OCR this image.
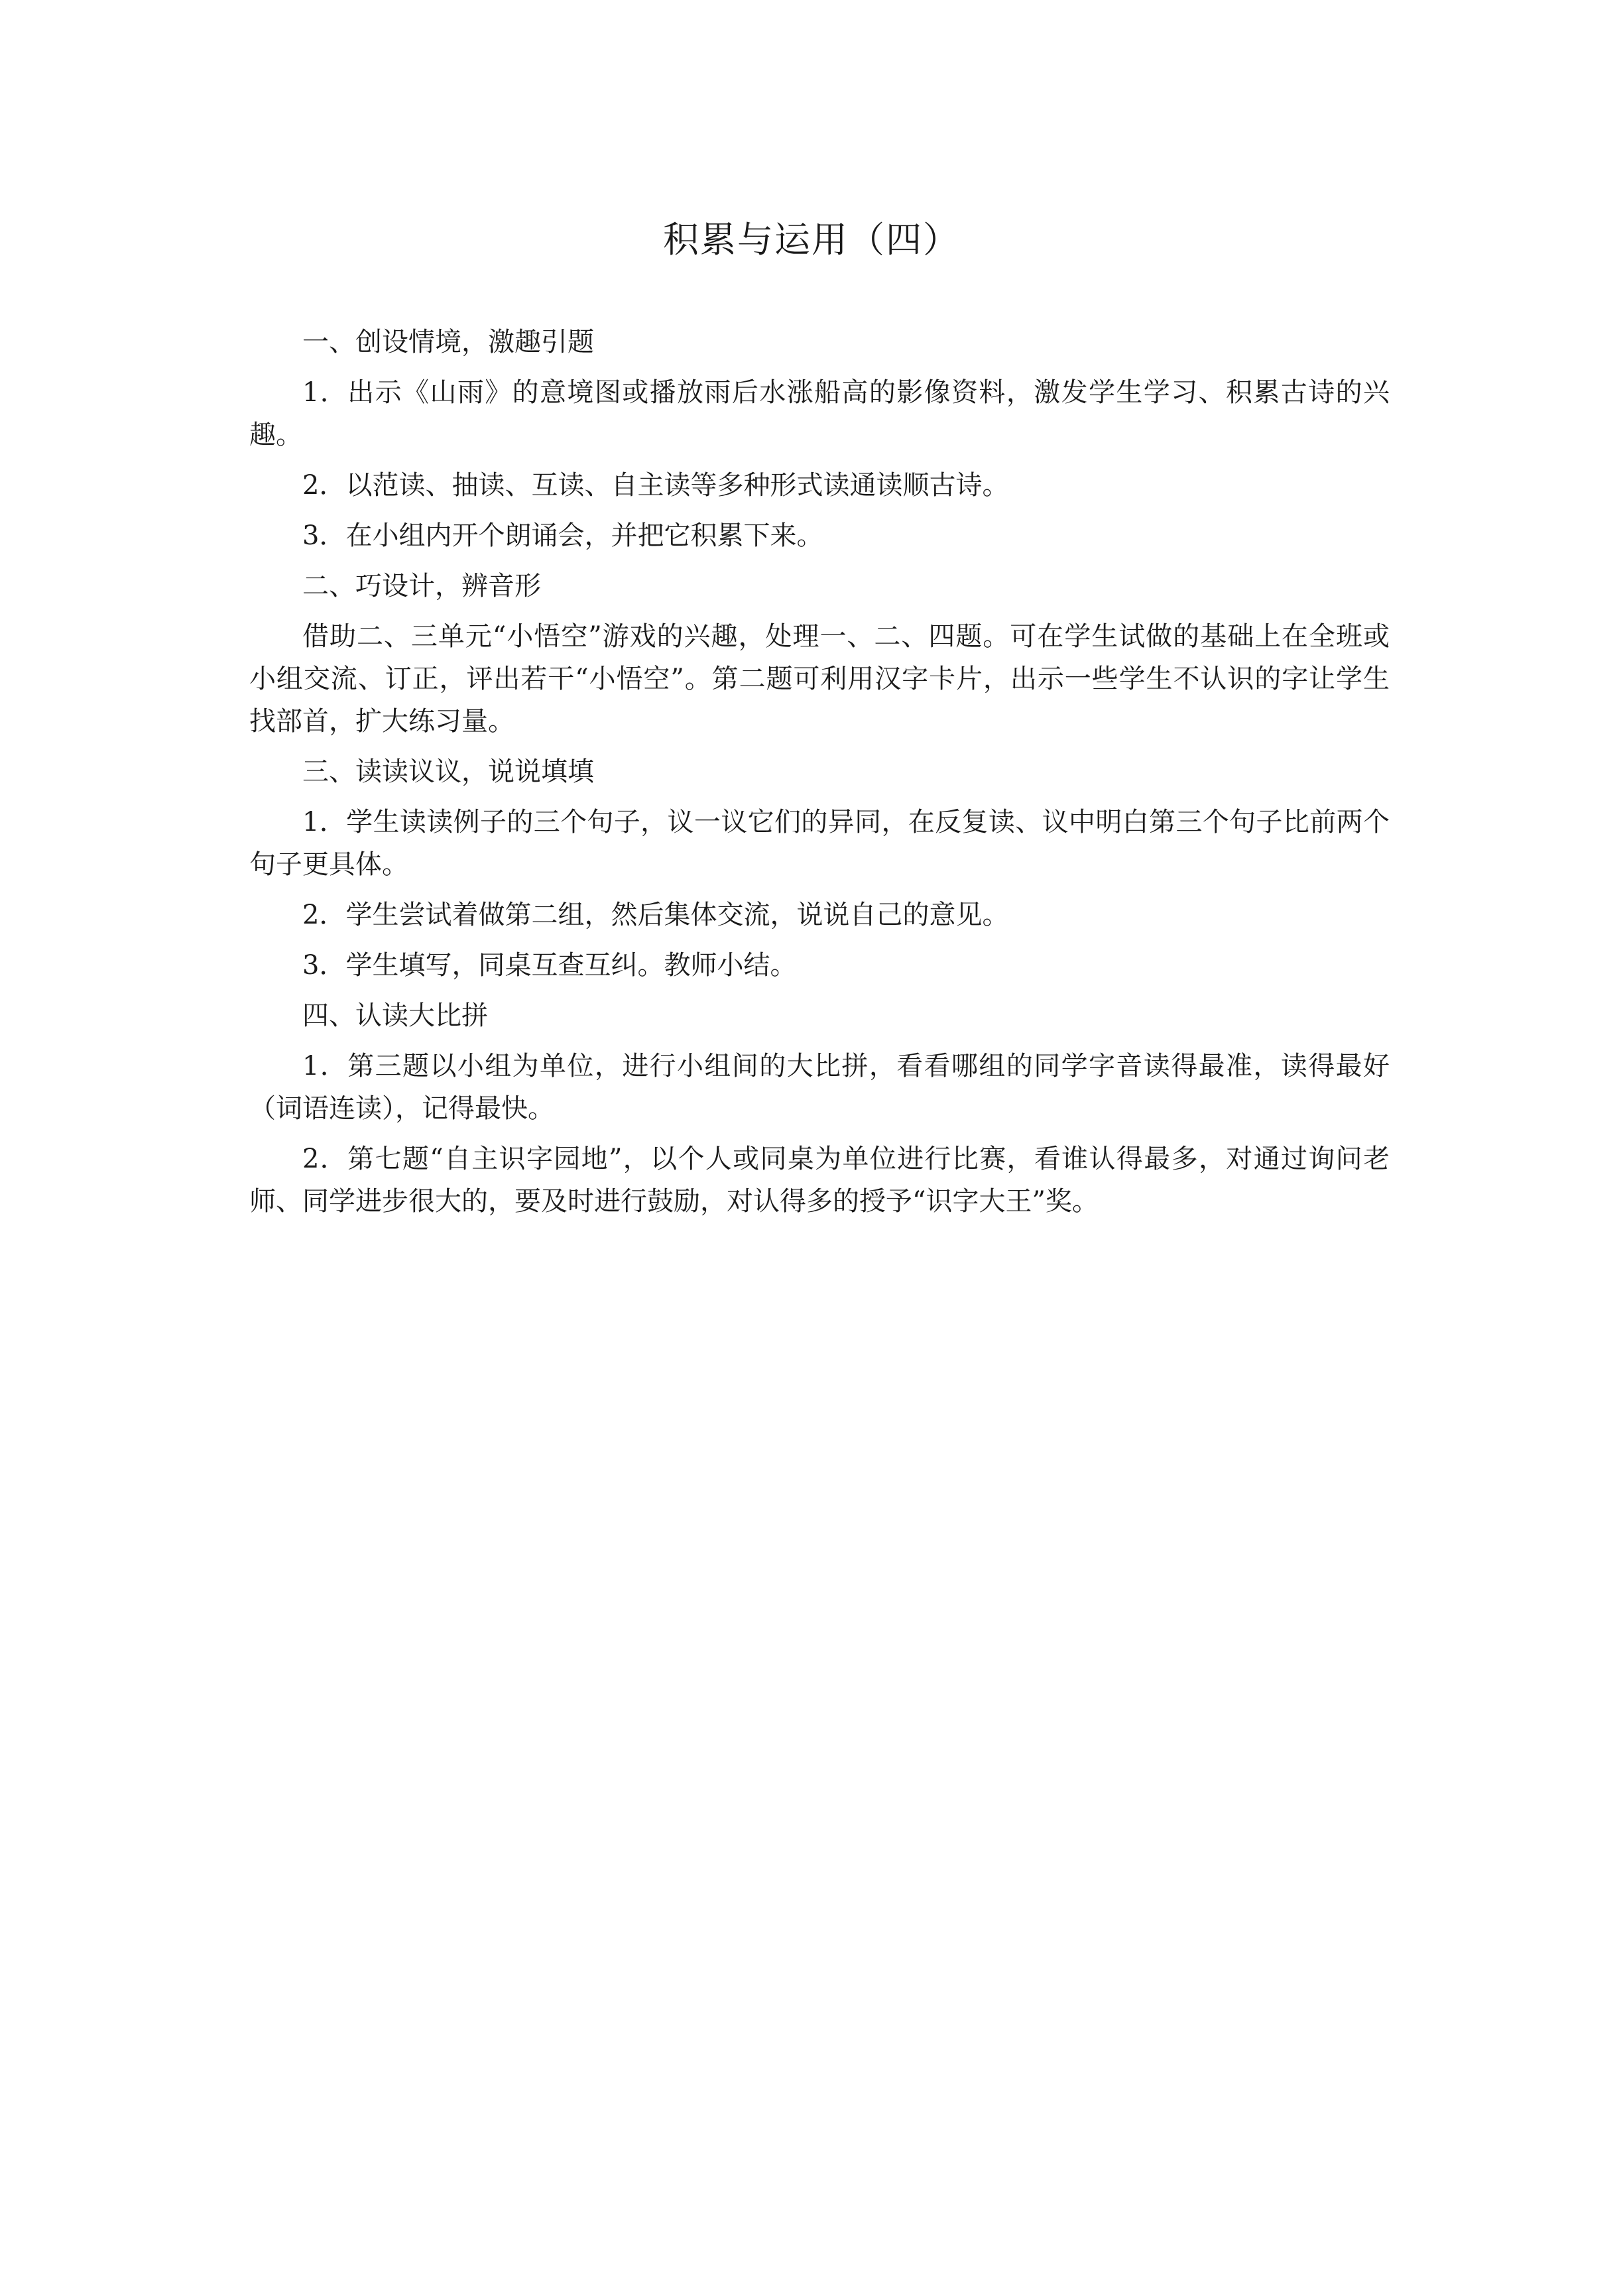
积累与运用（四）

一、创设情境，激趣引题

1．出示《山雨》的意境图或播放雨后水涨船高的影像资料，激发学生学习、积累古诗的兴趣。

2．以范读、抽读、互读、自主读等多种形式读通读顺古诗。

3．在小组内开个朗诵会，并把它积累下来。

二、巧设计，辨音形

借助二、三单元“小悟空”游戏的兴趣，处理一、二、四题。可在学生试做的基础上在全班或小组交流、订正，评出若干“小悟空”。第二题可利用汉字卡片，出示一些学生不认识的字让学生找部首，扩大练习量。

三、读读议议，说说填填

1．学生读读例子的三个句子，议一议它们的异同，在反复读、议中明白第三个句子比前两个句子更具体。

2．学生尝试着做第二组，然后集体交流，说说自己的意见。

3．学生填写，同桌互查互纠。教师小结。

四、认读大比拼

1．第三题以小组为单位，进行小组间的大比拼，看看哪组的同学字音读得最准，读得最好（词语连读），记得最快。

2．第七题“自主识字园地”，以个人或同桌为单位进行比赛，看谁认得最多，对通过询问老师、同学进步很大的，要及时进行鼓励，对认得多的授予“识字大王”奖。
